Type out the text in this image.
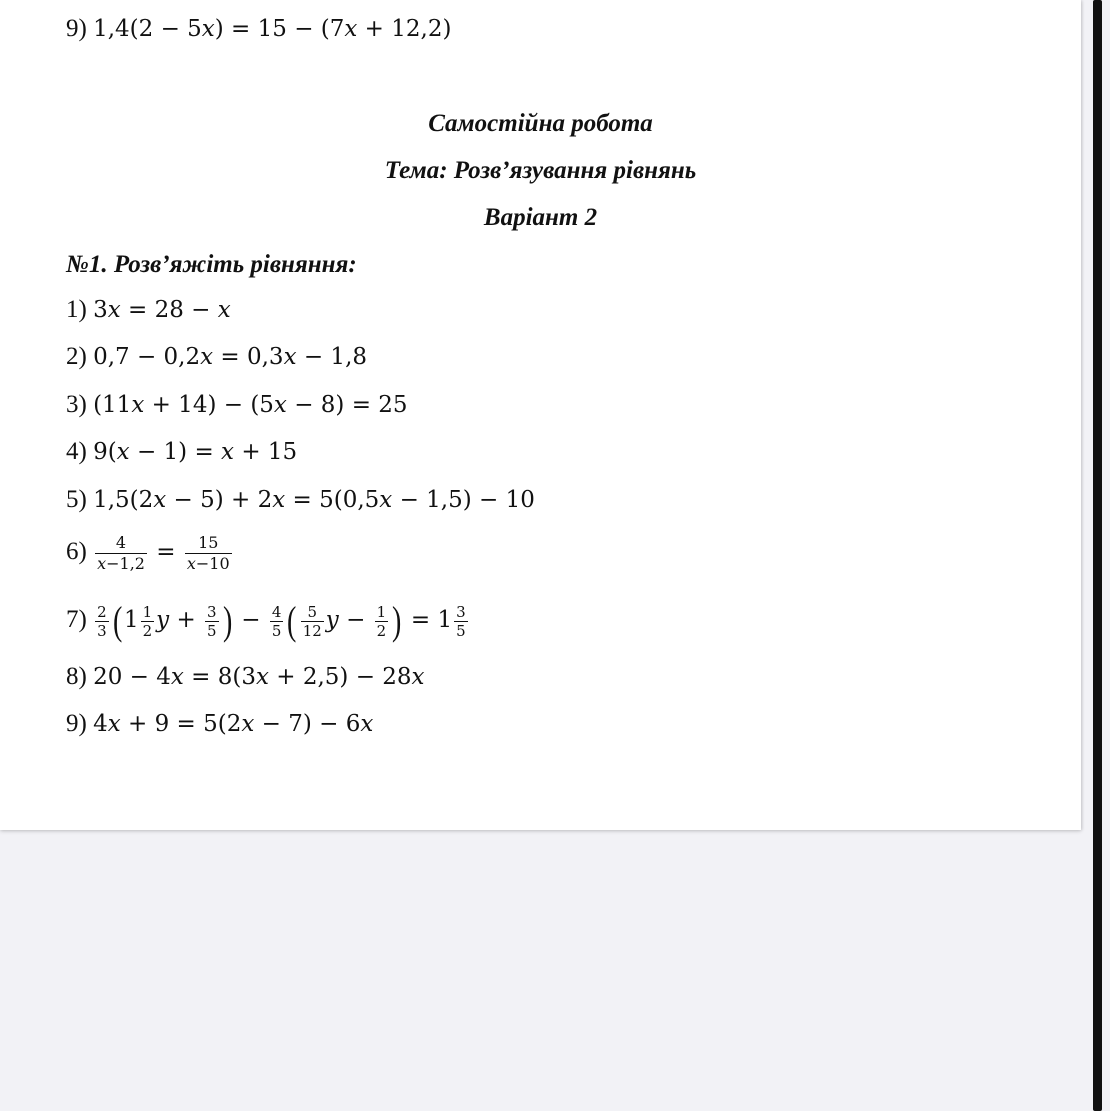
9) 1,4(2 − 5𝑥) = 15 − (7𝑥 + 12,2)
Самостійна робота
Тема: Розв’язування рівнянь
Варіант 2
№1. Розв’яжіть рівняння:
1) 3𝑥 = 28 − 𝑥
2) 0,7 − 0,2𝑥 = 0,3𝑥 − 1,8
3) (11𝑥 + 14) − (5𝑥 − 8) = 25
4) 9(𝑥 − 1) = 𝑥 + 15
5) 1,5(2𝑥 − 5) + 2𝑥 = 5(0,5𝑥 − 1,5) − 10
$6) \frac{4}{\text{𝑥−1,2}} = \frac{15}{\text{𝑥−10}}$
$7) \frac{2}{3} (1 \frac{1}{2}$ 𝑦 + $\frac{3}{5}$ ) − $\frac{4}{5}$ ( $\frac{5}{12}$ 𝑦 − $\frac{1}{2}$ ) = $1 \frac{3}{5}$
8) 20 − 4𝑥 = 8(3𝑥 + 2,5) − 28𝑥
9) 4𝑥 + 9 = 5(2𝑥 − 7) − 6𝑥
